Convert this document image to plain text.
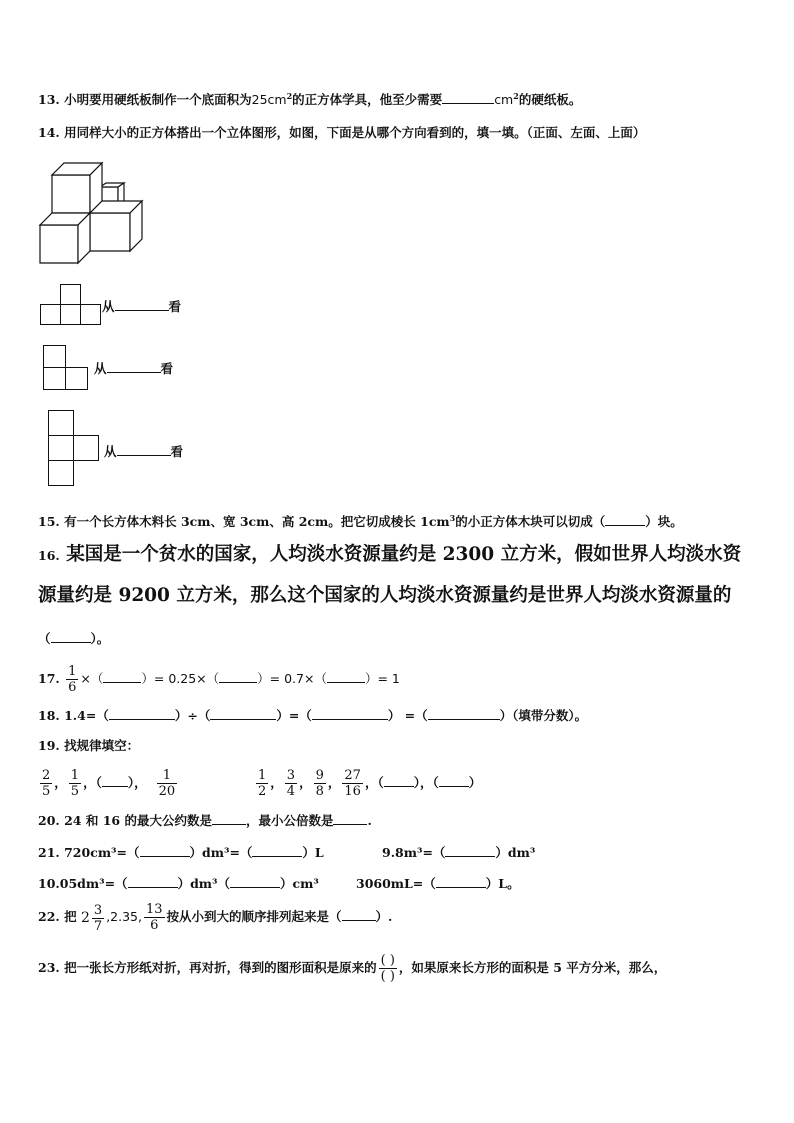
13. 小明要用硬纸板制作一个底面积为$25cm^2$的正方体学具，他至少需要	$cm^2$的硬纸板。
14. 用同样大小的正方体搭出一个立体图形，如图，下面是从哪个方向看到的，填一填。（正面、左面、上面）
从	看
从	看
从	看
15. 有一个长方体木料长 3cm、宽 3cm、高 2cm。把它切成棱长 $1cm^3$的小正方体木块可以切成（	）块。
16. 某国是一个贫水的国家，人均淡水资源量约是 2300 立方米，假如世界人均淡水资
源量约是 9200 立方米，那么这个国家的人均淡水资源量约是世界人均淡水资源量的
（	）。
17. $\frac{1}{6}$ ×（	）= 0.25×（	）= 0.7×（	）= 1
18. 1.4=（	）÷（	）=（	） =（	）（填带分数）。
19. 找规律填空：
$\frac{2}{5}$ ， $\frac{1}{5}$ ，（ ）， $\frac{1}{20}$	$\frac{1}{2}$ ， $\frac{3}{4}$ ， $\frac{9}{8}$ ， $\frac{27}{16}$ ，（ ），（ ）
20. 24 和 16 的最大公约数是	，最小公倍数是	.
21. 720cm³=（	）dm³=（	）L	9.8m³=（	）dm³
10.05dm³=（	）dm³（	）cm³	3060mL=（	）L。
22. 把 $2 \frac{3}{7} ,2.35$, $\frac{13}{6}$ 按从小到大的顺序排列起来是（	）.
23. 把一张长方形纸对折，再对折，得到的图形面积是原来的 $\frac{( )}{( )}$ ，如果原来长方形的面积是 5 平方分米，那么，
